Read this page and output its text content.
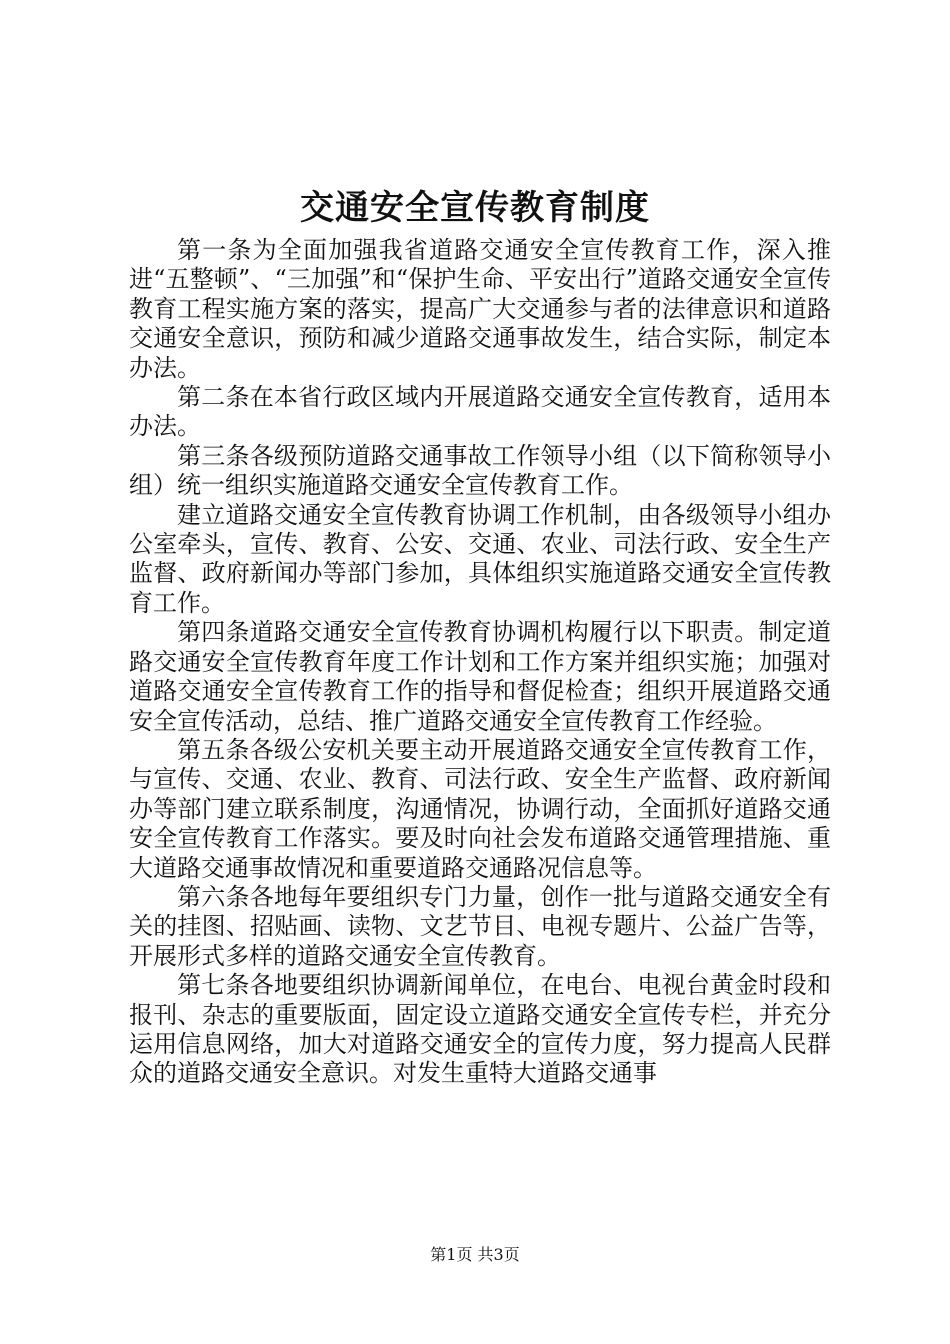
交通安全宣传教育制度

第一条为全面加强我省道路交通安全宣传教育工作，深入推进“五整顿”、“三加强”和“保护生命、平安出行”道路交通安全宣传教育工程实施方案的落实，提高广大交通参与者的法律意识和道路交通安全意识，预防和减少道路交通事故发生，结合实际，制定本办法。

第二条在本省行政区域内开展道路交通安全宣传教育，适用本办法。

第三条各级预防道路交通事故工作领导小组（以下简称领导小组）统一组织实施道路交通安全宣传教育工作。

建立道路交通安全宣传教育协调工作机制，由各级领导小组办公室牵头，宣传、教育、公安、交通、农业、司法行政、安全生产监督、政府新闻办等部门参加，具体组织实施道路交通安全宣传教育工作。

第四条道路交通安全宣传教育协调机构履行以下职责。制定道路交通安全宣传教育年度工作计划和工作方案并组织实施；加强对道路交通安全宣传教育工作的指导和督促检查；组织开展道路交通安全宣传活动，总结、推广道路交通安全宣传教育工作经验。

第五条各级公安机关要主动开展道路交通安全宣传教育工作，与宣传、交通、农业、教育、司法行政、安全生产监督、政府新闻办等部门建立联系制度，沟通情况，协调行动，全面抓好道路交通安全宣传教育工作落实。要及时向社会发布道路交通管理措施、重大道路交通事故情况和重要道路交通路况信息等。

第六条各地每年要组织专门力量，创作一批与道路交通安全有关的挂图、招贴画、读物、文艺节目、电视专题片、公益广告等，开展形式多样的道路交通安全宣传教育。

第七条各地要组织协调新闻单位，在电台、电视台黄金时段和报刊、杂志的重要版面，固定设立道路交通安全宣传专栏，并充分运用信息网络，加大对道路交通安全的宣传力度，努力提高人民群众的道路交通安全意识。对发生重特大道路交通事

第1页 共3页
